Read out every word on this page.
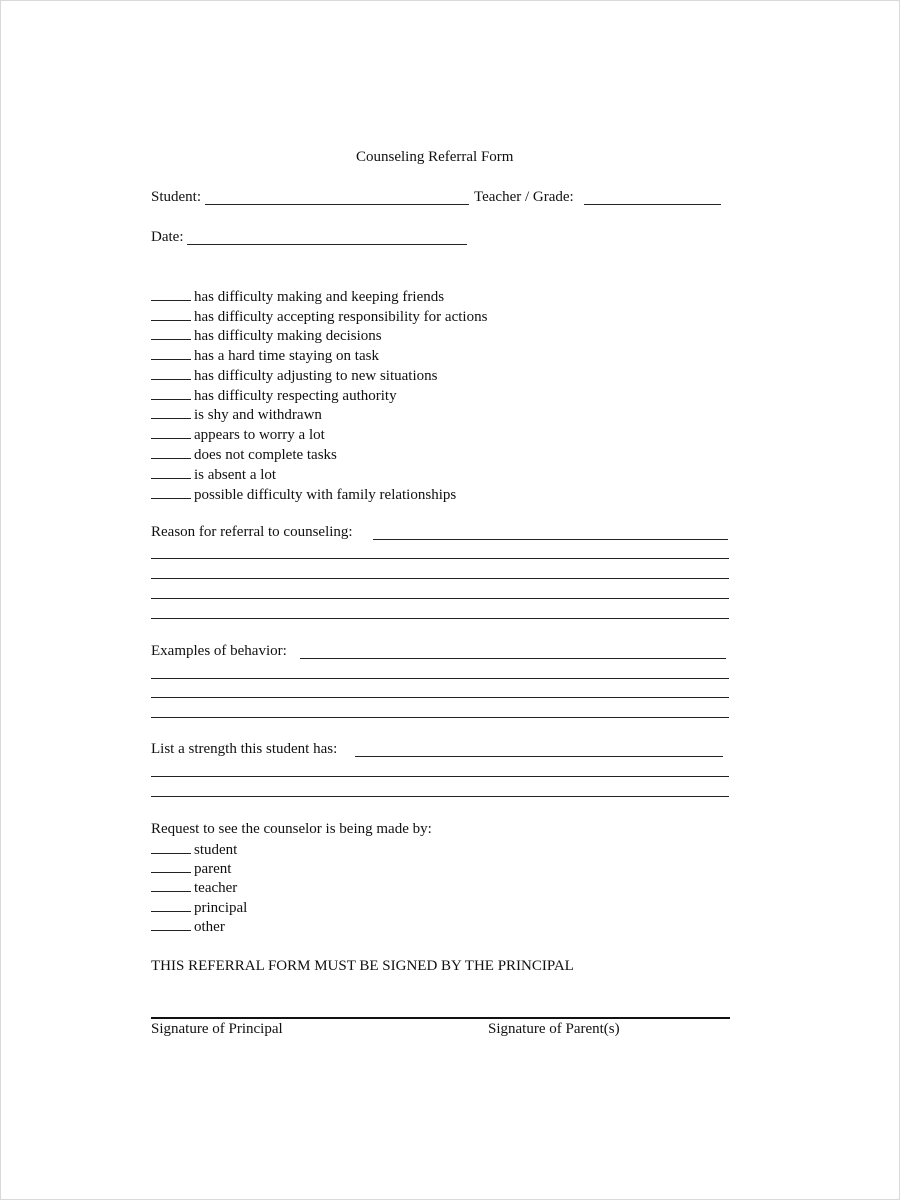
Counseling Referral Form
Student:	Teacher / Grade:
Date:
has difficulty making and keeping friends
has difficulty accepting responsibility for actions
has difficulty making decisions
has a hard time staying on task
has difficulty adjusting to new situations
has difficulty respecting authority
is shy and withdrawn
appears to worry a lot
does not complete tasks
is absent a lot
possible difficulty with family relationships
Reason for referral to counseling:
Examples of behavior:
List a strength this student has:
Request to see the counselor is being made by:
student
parent
teacher
principal
other
THIS REFERRAL FORM MUST BE SIGNED BY THE PRINCIPAL
Signature of Principal	Signature of Parent(s)
